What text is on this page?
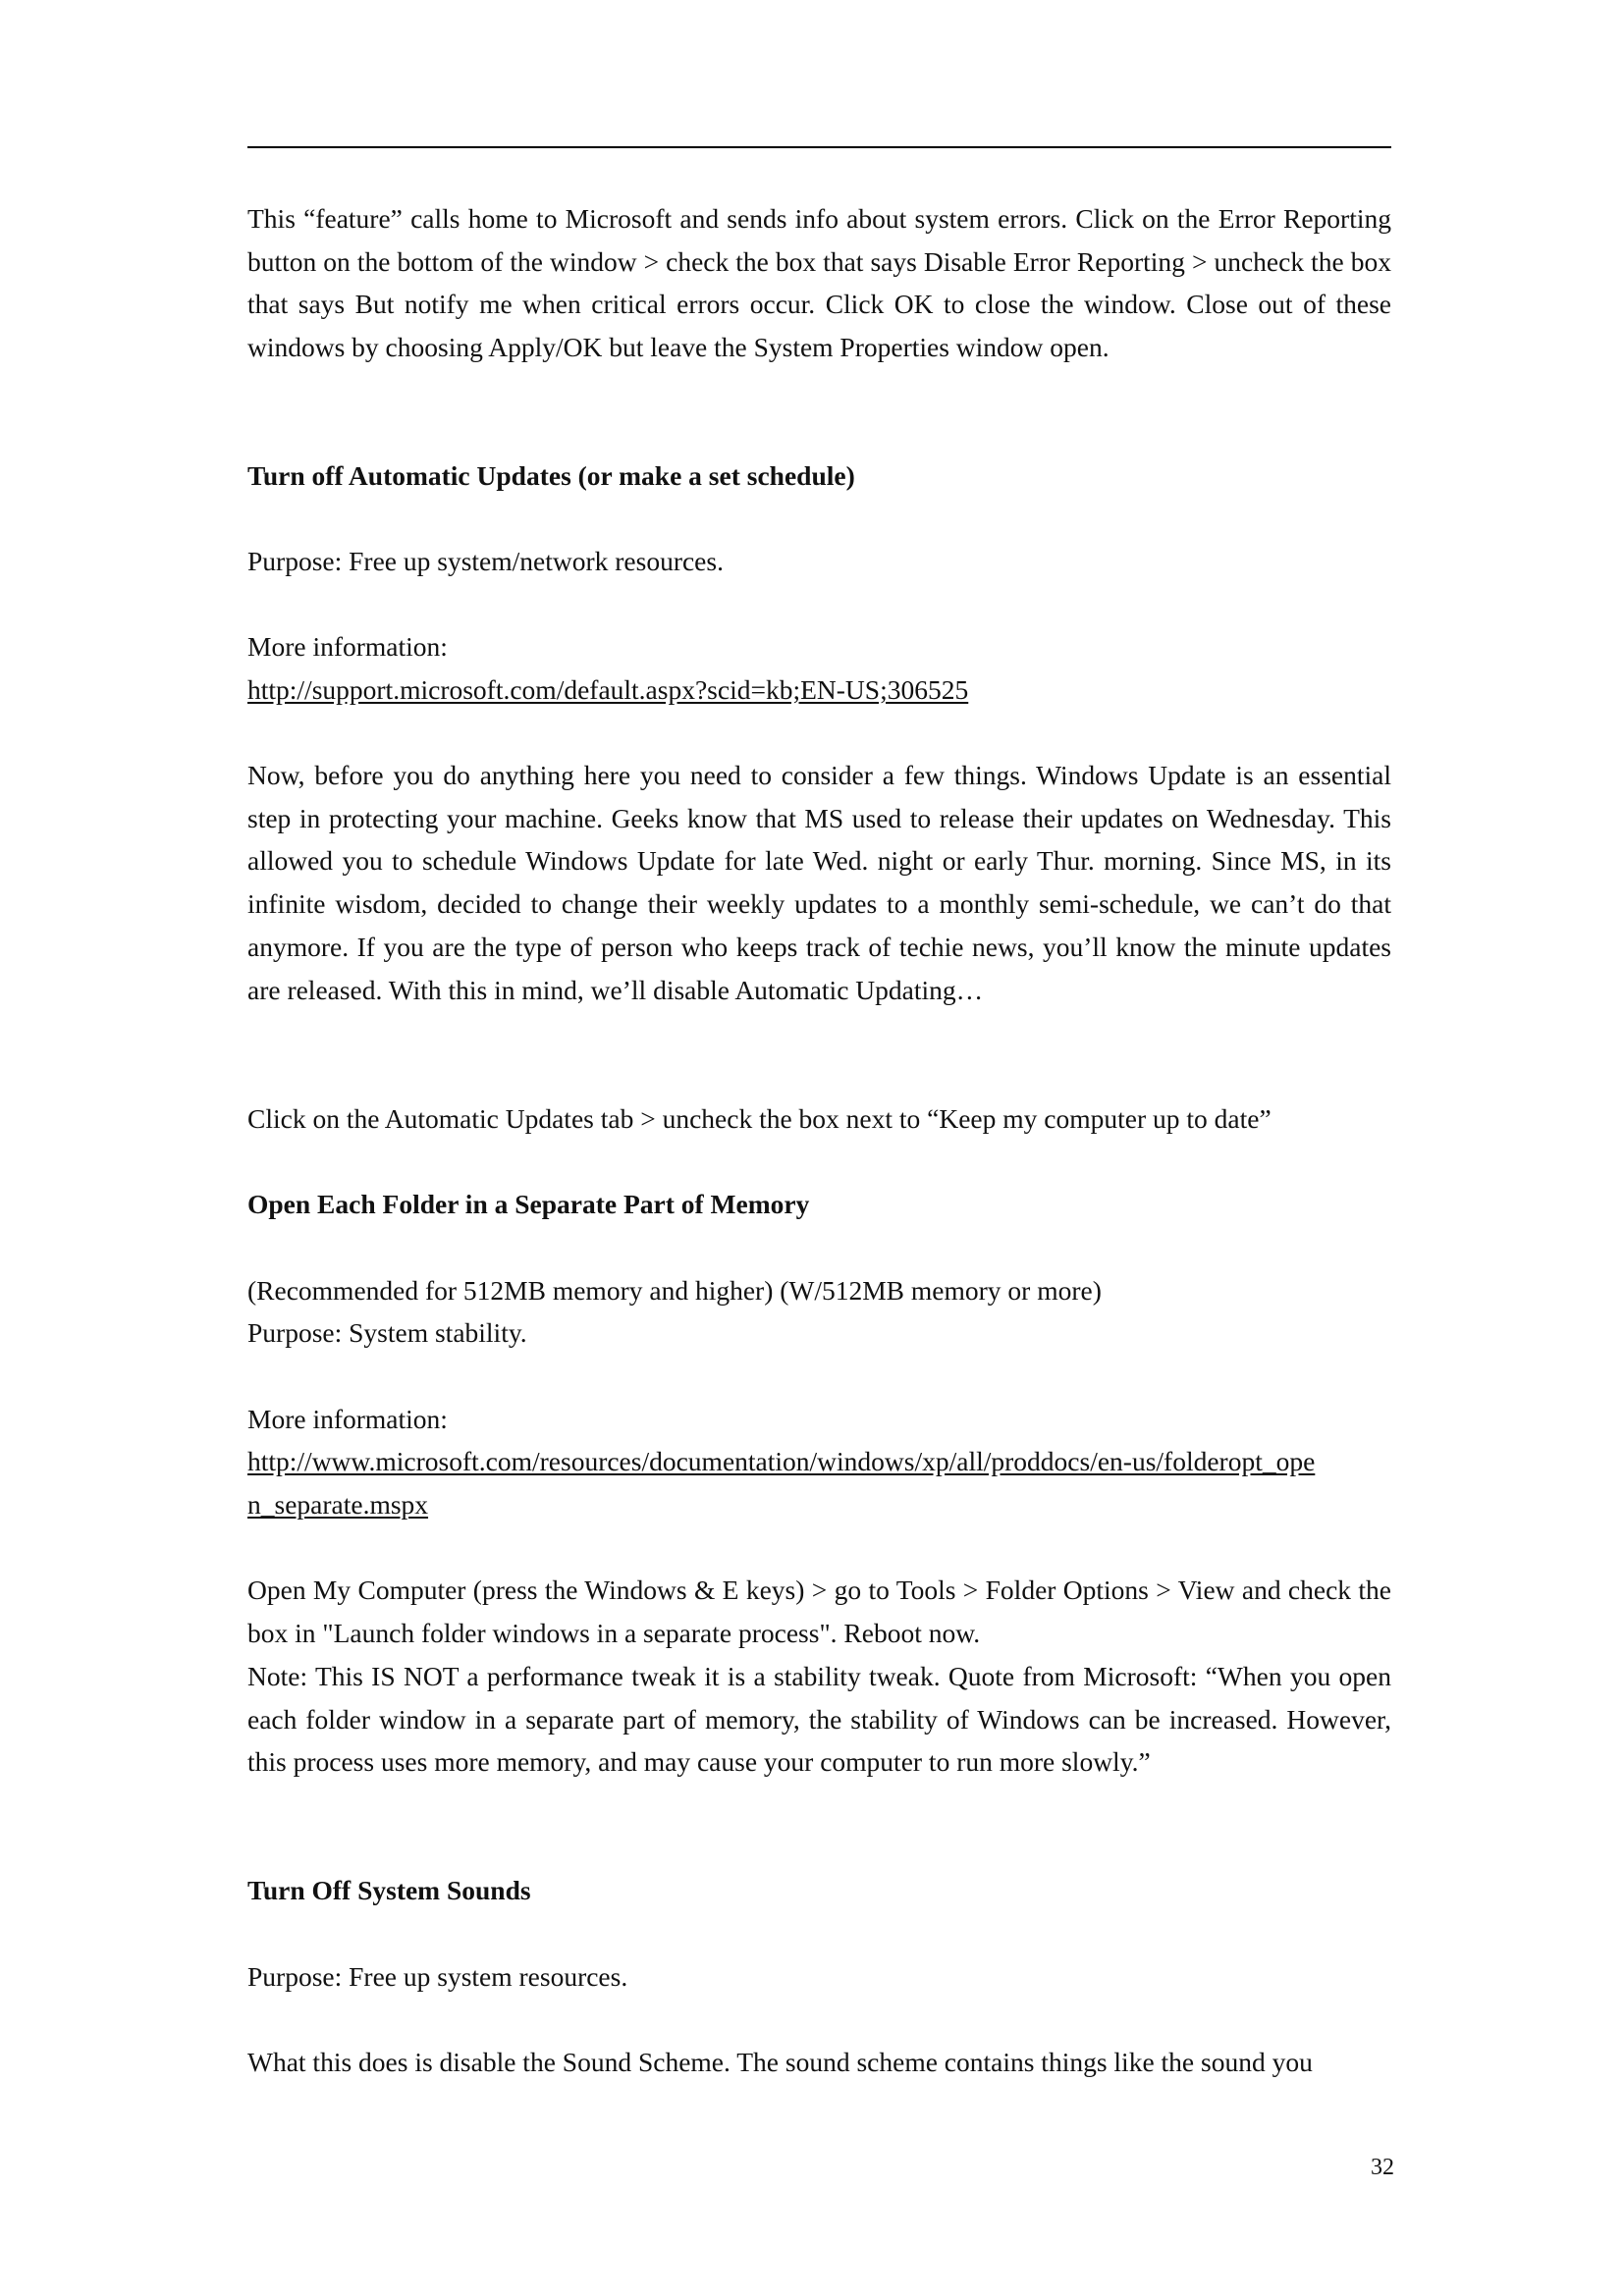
This “feature” calls home to Microsoft and sends info about system errors. Click on the Error Reporting button on the bottom of the window > check the box that says Disable Error Reporting > uncheck the box that says But notify me when critical errors occur. Click OK to close the window. Close out of these windows by choosing Apply/OK but leave the System Properties window open.

Turn off Automatic Updates (or make a set schedule)

Purpose: Free up system/network resources.

More information:

http://support.microsoft.com/default.aspx?scid=kb;EN-US;306525

Now, before you do anything here you need to consider a few things. Windows Update is an essential step in protecting your machine. Geeks know that MS used to release their updates on Wednesday. This allowed you to schedule Windows Update for late Wed. night or early Thur. morning. Since MS, in its infinite wisdom, decided to change their weekly updates to a monthly semi-schedule, we can’t do that anymore. If you are the type of person who keeps track of techie news, you’ll know the minute updates are released. With this in mind, we’ll disable Automatic Updating…

Click on the Automatic Updates tab > uncheck the box next to “Keep my computer up to date”

Open Each Folder in a Separate Part of Memory

(Recommended for 512MB memory and higher) (W/512MB memory or more)

Purpose: System stability.

More information:

http://www.microsoft.com/resources/documentation/windows/xp/all/proddocs/en-us/folderopt_ope
n_separate.mspx

Open My Computer (press the Windows & E keys) > go to Tools > Folder Options > View and check the box in "Launch folder windows in a separate process". Reboot now.

Note: This IS NOT a performance tweak it is a stability tweak. Quote from Microsoft: “When you open each folder window in a separate part of memory, the stability of Windows can be increased. However, this process uses more memory, and may cause your computer to run more slowly.”

Turn Off System Sounds

Purpose: Free up system resources.

What this does is disable the Sound Scheme. The sound scheme contains things like the sound you

32
